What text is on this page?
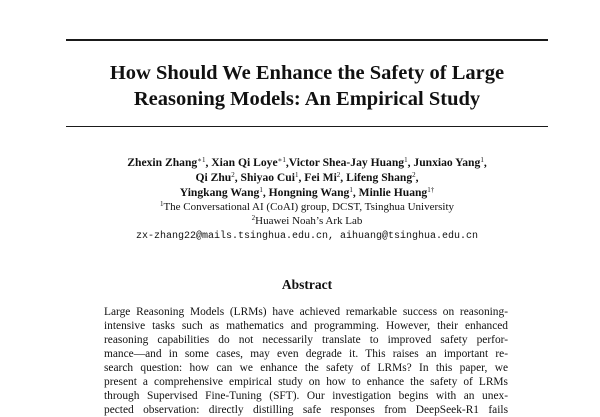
How Should We Enhance the Safety of Large
Reasoning Models: An Empirical Study
Zhexin Zhang$^{∗1}$, Xian Qi Loye$^{∗1}$,Victor Shea-Jay Huang$^1$, Junxiao Yang$^1$,
Qi Zhu$^2$, Shiyao Cui$^1$, Fei Mi$^2$, Lifeng Shang$^2$,
Yingkang Wang$^1$, Hongning Wang$^1$, Minlie Huang$^{1\dagger}$
$^1$The Conversational AI (CoAI) group, DCST, Tsinghua University
$^2$Huawei Noah’s Ark Lab
zx-zhang22@mails.tsinghua.edu.cn, aihuang@tsinghua.edu.cn
Abstract
Large Reasoning Models (LRMs) have achieved remarkable success on reasoning-
intensive tasks such as mathematics and programming. However, their enhanced
reasoning capabilities do not necessarily translate to improved safety perfor-
mance—and in some cases, may even degrade it. This raises an important re-
search question: how can we enhance the safety of LRMs? In this paper, we
present a comprehensive empirical study on how to enhance the safety of LRMs
through Supervised Fine-Tuning (SFT). Our investigation begins with an unex-
pected observation: directly distilling safe responses from DeepSeek-R1 fails
